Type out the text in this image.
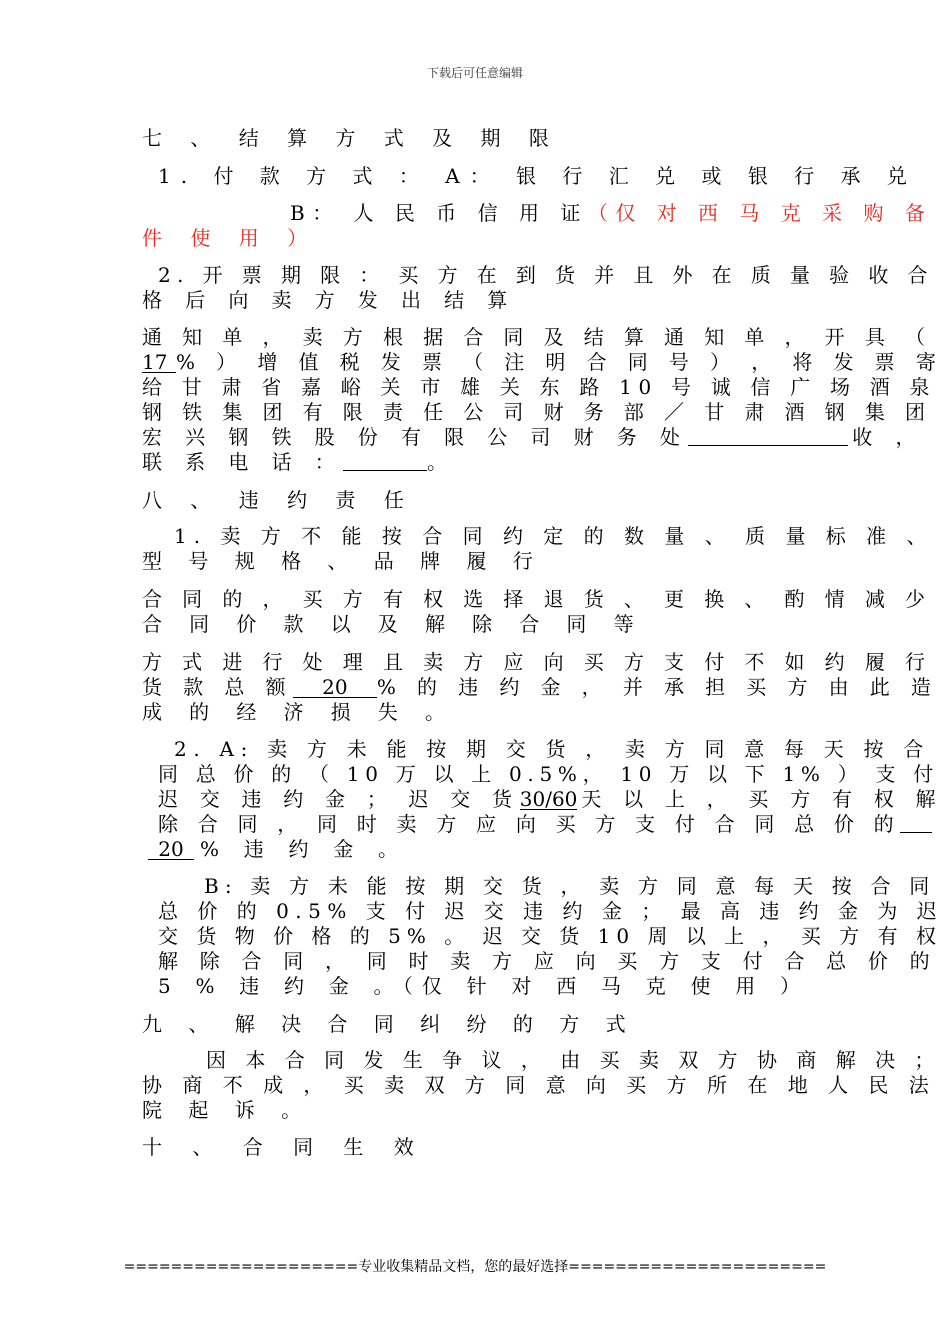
下载后可任意编辑
七 、 结 算 方 式 及 期 限
1. 付 款 方 式 ： A： 银 行 汇 兑 或 银 行 承 兑
B： 人 民 币 信 用 证（仅 对 西 马 克 采 购 备
件 使 用 ）
2. 开 票 期 限 ： 买 方 在 到 货 并 且 外 在 质 量 验 收 合
格 后 向 卖 方 发 出 结 算
通 知 单 ， 卖 方 根 据 合 同 及 结 算 通 知 单 ， 开 具 （
17 % ） 增 值 税 发 票 （ 注 明 合 同 号 ） ， 将 发 票 寄
给 甘 肃 省 嘉 峪 关 市 雄 关 东 路 10 号 诚 信 广 场 酒 泉
钢 铁 集 团 有 限 责 任 公 司 财 务 部 ／ 甘 肃 酒 钢 集 团
宏 兴 钢 铁 股 份 有 限 公 司 财 务 处	收 ，
联 系 电 话 ：	。
八 、 违 约 责 任
1. 卖 方 不 能 按 合 同 约 定 的 数 量 、 质 量 标 准 、
型 号 规 格 、 品 牌 履 行
合 同 的 ， 买 方 有 权 选 择 退 货 、 更 换 、 酌 情 减 少
合 同 价 款 以 及 解 除 合 同 等
方 式 进 行 处 理 且 卖 方 应 向 买 方 支 付 不 如 约 履 行
货 款 总 额 20 % 的 违 约 金 ， 并 承 担 买 方 由 此 造
成 的 经 济 损 失 。
2. A: 卖 方 未 能 按 期 交 货 ， 卖 方 同 意 每 天 按 合
同 总 价 的 （ 10 万 以 上 0.5%， 10 万 以 下 1% ） 支 付
迟 交 违 约 金 ； 迟 交 货30/60 天 以 上 ， 买 方 有 权 解
除 合 同 ， 同 时 卖 方 应 向 买 方 支 付 合 同 总 价 的
20 % 违 约 金 。
B: 卖 方 未 能 按 期 交 货 ， 卖 方 同 意 每 天 按 合 同
总 价 的 0.5% 支 付 迟 交 违 约 金 ； 最 高 违 约 金 为 迟
交 货 物 价 格 的 5% 。 迟 交 货 10 周 以 上 ， 买 方 有 权
解 除 合 同 ， 同 时 卖 方 应 向 买 方 支 付 合 总 价 的
5 % 违 约 金 。（仅 针 对 西 马 克 使 用 ）
九 、 解 决 合 同 纠 纷 的 方 式
因 本 合 同 发 生 争 议 ， 由 买 卖 双 方 协 商 解 决 ；
协 商 不 成 ， 买 卖 双 方 同 意 向 买 方 所 在 地 人 民 法
院 起 诉 。
十 、 合 同 生 效
====================专业收集精品文档，您的最好选择======================
